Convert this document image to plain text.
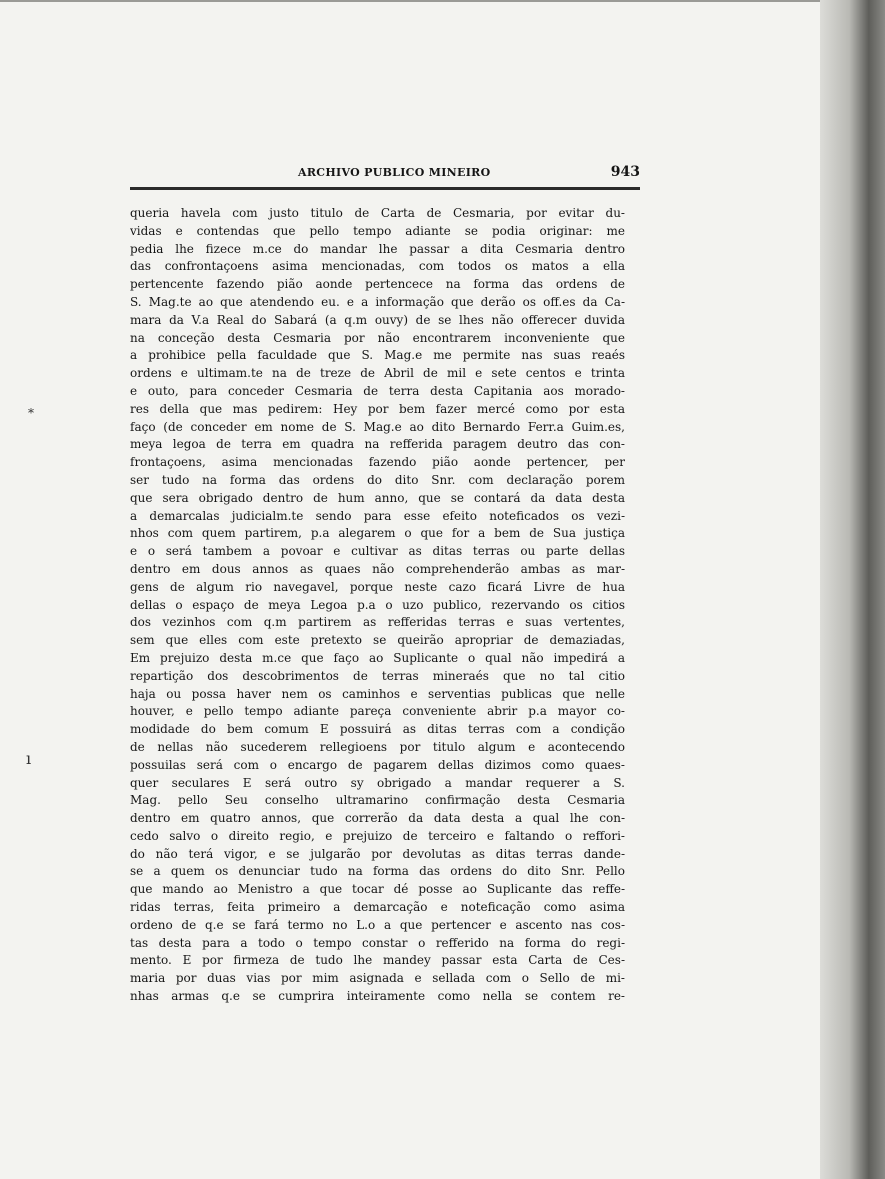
ARCHIVO PUBLICO MINEIRO	943
*
ı
queria havela com justo titulo de Carta de Cesmaria, por evitar du-
vidas e contendas que pello tempo adiante se podia originar: me
pedia lhe fizece m.ce do mandar lhe passar a dita Cesmaria dentro
das confrontaçoens asima mencionadas, com todos os matos a ella
pertencente fazendo pião aonde pertencece na forma das ordens de
S. Mag.te ao que atendendo eu. e a informação que derão os off.es da Ca-
mara da V.a Real do Sabará (a q.m ouvy) de se lhes não offerecer duvida
na conceção desta Cesmaria por não encontrarem inconveniente que
a prohibice pella faculdade que S. Mag.e me permite nas suas reaés
ordens e ultimam.te na de treze de Abril de mil e sete centos e trinta
e outo, para conceder Cesmaria de terra desta Capitania aos morado-
res della que mas pedirem: Hey por bem fazer mercé como por esta
faço (de conceder em nome de S. Mag.e ao dito Bernardo Ferr.a Guim.es,
meya legoa de terra em quadra na refferida paragem deutro das con-
frontaçoens, asima mencionadas fazendo pião aonde pertencer, per
ser tudo na forma das ordens do dito Snr. com declaração porem
que sera obrigado dentro de hum anno, que se contará da data desta
a demarcalas judicialm.te sendo para esse efeito noteficados os vezi-
nhos com quem partirem, p.a alegarem o que for a bem de Sua justiça
e o será tambem a povoar e cultivar as ditas terras ou parte dellas
dentro em dous annos as quaes não comprehenderão ambas as mar-
gens de algum rio navegavel, porque neste cazo ficará Livre de hua
dellas o espaço de meya Legoa p.a o uzo publico, rezervando os citios
dos vezinhos com q.m partirem as refferidas terras e suas vertentes,
sem que elles com este pretexto se queirão apropriar de demaziadas,
Em prejuizo desta m.ce que faço ao Suplicante o qual não impedirá a
repartição dos descobrimentos de terras mineraés que no tal citio
haja ou possa haver nem os caminhos e serventias publicas que nelle
houver, e pello tempo adiante pareça conveniente abrir p.a mayor co-
modidade do bem comum E possuirá as ditas terras com a condição
de nellas não sucederem rellegioens por titulo algum e acontecendo
possuilas será com o encargo de pagarem dellas dizimos como quaes-
quer seculares E será outro sy obrigado a mandar requerer a S.
Mag. pello Seu conselho ultramarino confirmação desta Cesmaria
dentro em quatro annos, que correrão da data desta a qual lhe con-
cedo salvo o direito regio, e prejuizo de terceiro e faltando o reffori-
do não terá vigor, e se julgarão por devolutas as ditas terras dande-
se a quem os denunciar tudo na forma das ordens do dito Snr. Pello
que mando ao Menistro a que tocar dé posse ao Suplicante das reffe-
ridas terras, feita primeiro a demarcação e noteficação como asima
ordeno de q.e se fará termo no L.o a que pertencer e ascento nas cos-
tas desta para a todo o tempo constar o refferido na forma do regi-
mento. E por firmeza de tudo lhe mandey passar esta Carta de Ces-
maria por duas vias por mim asignada e sellada com o Sello de mi-
nhas armas q.e se cumprira inteiramente como nella se contem re-
